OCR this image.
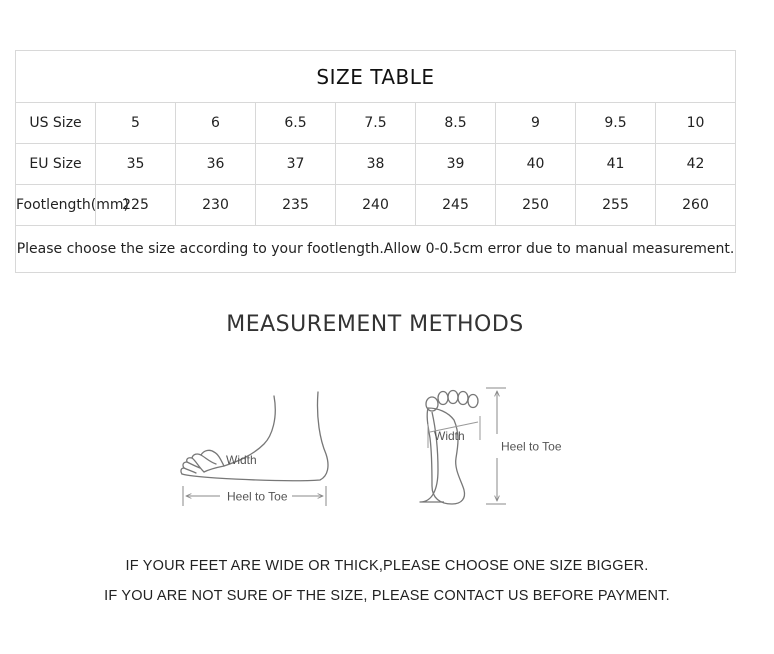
SIZE TABLE								
US Size	5	6	6.5	7.5	8.5	9	9.5	10
EU Size	35	36	37	38	39	40	41	42
Footlength(mm)	225	230	235	240	245	250	255	260
Please choose the size according to your footlength.Allow 0-0.5cm error due to manual measurement.								
MEASUREMENT METHODS
Width
Heel to Toe
Width
Heel to Toe
IF YOUR FEET ARE WIDE OR THICK,PLEASE CHOOSE ONE SIZE BIGGER.
IF YOU ARE NOT SURE OF THE SIZE, PLEASE CONTACT US BEFORE PAYMENT.
